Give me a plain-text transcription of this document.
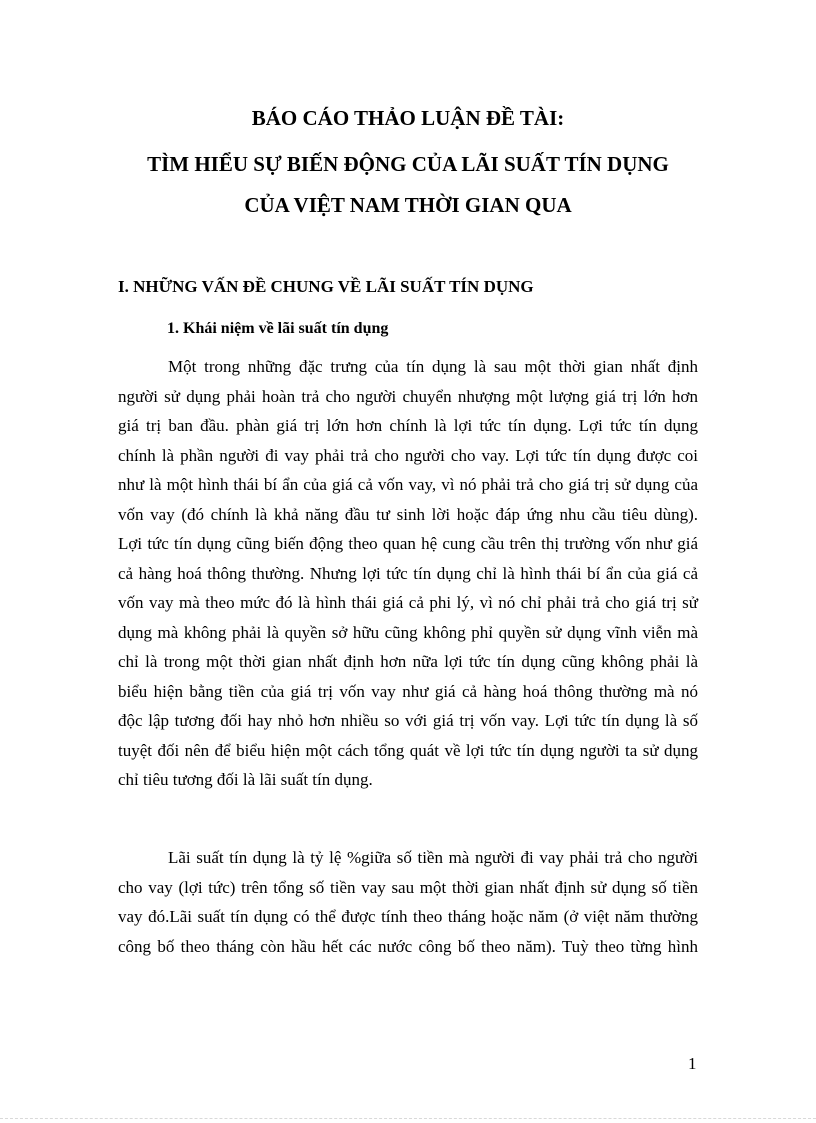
BÁO CÁO THẢO LUẬN ĐỀ TÀI:
TÌM HIỂU SỰ BIẾN ĐỘNG CỦA LÃI SUẤT TÍN DỤNG
CỦA VIỆT NAM THỜI GIAN QUA
I. NHỮNG VẤN ĐỀ CHUNG VỀ LÃI SUẤT TÍN DỤNG
1. Khái niệm về lãi suất tín dụng
Một trong những đặc trưng của tín dụng là sau một thời gian nhất định
người sử dụng phải hoàn trả cho người chuyển nhượng một lượng giá trị lớn hơn
giá trị ban đầu. phàn giá trị lớn hơn chính là lợi tức tín dụng. Lợi tức tín dụng
chính là phần người đi vay phải trả cho người cho vay. Lợi tức tín dụng được coi
như là một hình thái bí ẩn của giá cả vốn vay, vì nó phải trả cho giá trị sử dụng của
vốn vay (đó chính là khả năng đầu tư sinh lời hoặc đáp ứng nhu cầu tiêu dùng).
Lợi tức tín dụng cũng biến động theo quan hệ cung cầu trên thị trường vốn như giá
cả hàng hoá thông thường. Nhưng lợi tức tín dụng chỉ là hình thái bí ẩn của giá cả
vốn vay mà theo mức đó là hình thái giá cả phi lý, vì nó chỉ phải trả cho giá trị sử
dụng mà không phải là quyền sở hữu cũng không phỉ quyền sử dụng vĩnh viễn mà
chỉ là trong một thời gian nhất định hơn nữa lợi tức tín dụng cũng không phải là
biểu hiện bằng tiền của giá trị vốn vay như giá cả hàng hoá thông thường mà nó
độc lập tương đối hay nhỏ hơn nhiều so với giá trị vốn vay. Lợi tức tín dụng là số
tuyệt đối nên để biểu hiện một cách tổng quát về lợi tức tín dụng người ta sử dụng
chỉ tiêu tương đối là lãi suất tín dụng.
Lãi suất tín dụng là tỷ lệ %giữa số tiền mà người đi vay phải trả cho người
cho vay (lợi tức) trên tổng số tiền vay sau một thời gian nhất định sử dụng số tiền
vay đó.Lãi suất tín dụng có thể được tính theo tháng hoặc năm (ở việt năm thường
công bố theo tháng còn hầu hết các nước công bố theo năm). Tuỳ theo từng hình
1
